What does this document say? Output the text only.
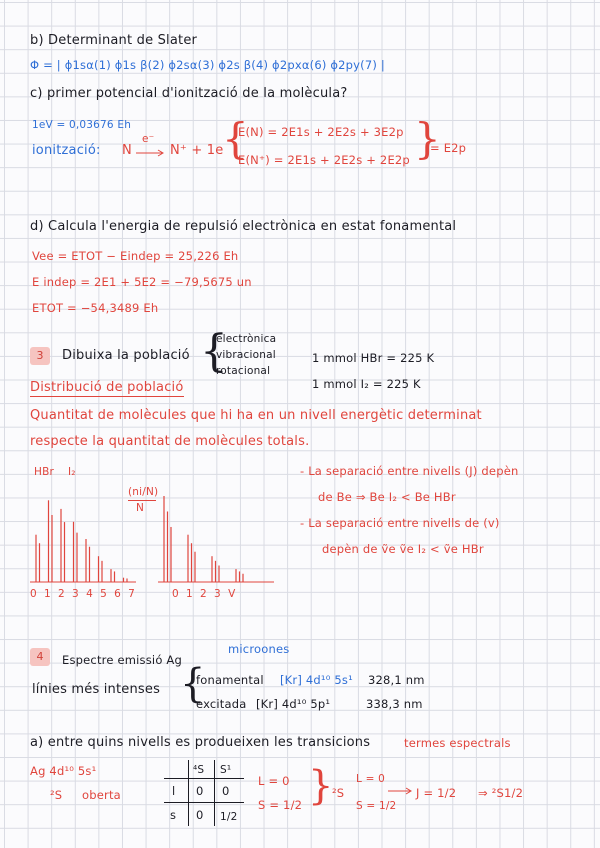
b) Determinant de Slater
Φ = | ϕ1sα(1) ϕ1s β(2) ϕ2sα(3) ϕ2s β(4) ϕ2pxα(6) ϕ2py(7) |
c) primer potencial d'ionització de la molècula?
1eV = 0,03676 Eh
ionització: N
e⁻
→ N⁺ + 1e
{
E(N) = 2E1s + 2E2s + 3E2p
E(N⁺) = 2E1s + 2E2s + 2E2p }
= E2p
d) Calcula l'energia de repulsió electrònica en estat fonamental
Vee = ETOT − Eindep = 25,226 Eh
E indep = 2E1 + 5E2 = −79,5675 un
ETOT = −54,3489 Eh
3	Dibuixa la població {
electrònica
vibracional
rotacional
1 mmol HBr = 225 K
1 mmol I₂ = 225 K
Distribució de població
Quantitat de molècules que hi ha en un nivell energètic determinat
respecte la quantitat de molècules totals.
HBr I₂
(ni/N)
N
0 1 2 3 4 5 6 7	0 1 2 3 V
- La separació entre nivells (J) depèn
de Be ⇒ Be I₂ < Be HBr
- La separació entre nivells de (v)
depèn de ṽe ṽe I₂ < ṽe HBr
4	Espectre emissió Ag
microones
línies més intenses {
fonamental [Kr] 4d¹⁰ 5s¹ 328,1 nm
excitada [Kr] 4d¹⁰ 5p¹	338,3 nm
a) entre quins nivells es produeixen les transicions	termes espectrals
Ag 4d¹⁰ 5s¹
²S oberta
⁴S S¹
l 0 0
s 0 1/2
L = 0
S = 1/2 }
²S
L = 0
S = 1/2
J = 1/2 ⇒ ²S1/2
